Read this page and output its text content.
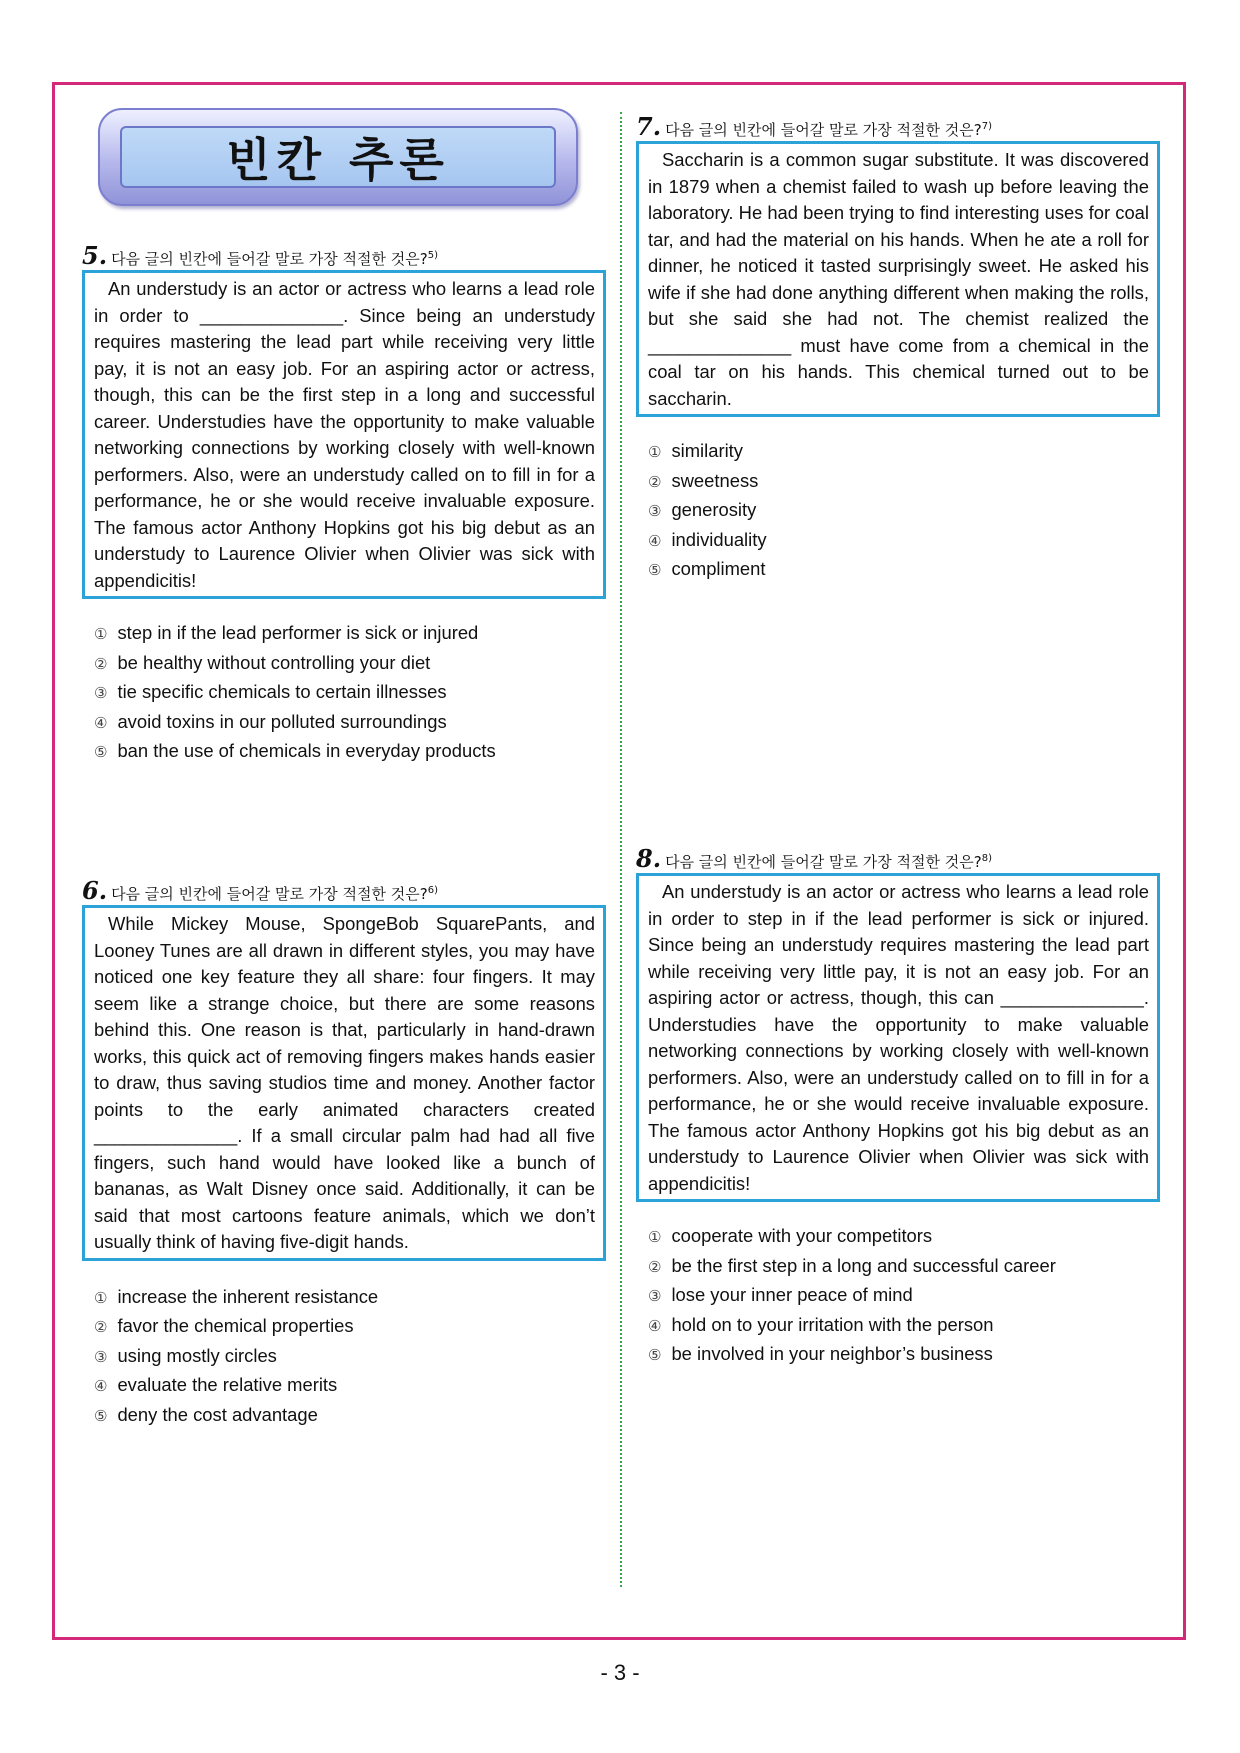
빈칸 추론
5. 다음 글의 빈칸에 들어갈 말로 가장 적절한 것은?$^{5)}$

An understudy is an actor or actress who learns a lead role in order to ______________. Since being an understudy requires mastering the lead part while receiving very little pay, it is not an easy job. For an aspiring actor or actress, though, this can be the first step in a long and successful career. Understudies have the opportunity to make valuable networking connections by working closely with well-known performers. Also, were an understudy called on to fill in for a performance, he or she would receive invaluable exposure. The famous actor Anthony Hopkins got his big debut as an understudy to Laurence Olivier when Olivier was sick with appendicitis!

① step in if the lead performer is sick or injured
② be healthy without controlling your diet
③ tie specific chemicals to certain illnesses
④ avoid toxins in our polluted surroundings
⑤ ban the use of chemicals in everyday products
6. 다음 글의 빈칸에 들어갈 말로 가장 적절한 것은?$^{6)}$

While Mickey Mouse, SpongeBob SquarePants, and Looney Tunes are all drawn in different styles, you may have noticed one key feature they all share: four fingers. It may seem like a strange choice, but there are some reasons behind this. One reason is that, particularly in hand-drawn works, this quick act of removing fingers makes hands easier to draw, thus saving studios time and money. Another factor points to the early animated characters created ______________. If a small circular palm had had all five fingers, such hand would have looked like a bunch of bananas, as Walt Disney once said. Additionally, it can be said that most cartoons feature animals, which we don’t usually think of having five-digit hands.

① increase the inherent resistance
② favor the chemical properties
③ using mostly circles
④ evaluate the relative merits
⑤ deny the cost advantage
7. 다음 글의 빈칸에 들어갈 말로 가장 적절한 것은?$^{7)}$

Saccharin is a common sugar substitute. It was discovered in 1879 when a chemist failed to wash up before leaving the laboratory. He had been trying to find interesting uses for coal tar, and had the material on his hands. When he ate a roll for dinner, he noticed it tasted surprisingly sweet. He asked his wife if she had done anything different when making the rolls, but she said she had not. The chemist realized the ______________ must have come from a chemical in the coal tar on his hands. This chemical turned out to be saccharin.

① similarity
② sweetness
③ generosity
④ individuality
⑤ compliment
8. 다음 글의 빈칸에 들어갈 말로 가장 적절한 것은?$^{8)}$

An understudy is an actor or actress who learns a lead role in order to step in if the lead performer is sick or injured. Since being an understudy requires mastering the lead part while receiving very little pay, it is not an easy job. For an aspiring actor or actress, though, this can ______________. Understudies have the opportunity to make valuable networking connections by working closely with well-known performers. Also, were an understudy called on to fill in for a performance, he or she would receive invaluable exposure. The famous actor Anthony Hopkins got his big debut as an understudy to Laurence Olivier when Olivier was sick with appendicitis!

① cooperate with your competitors
② be the first step in a long and successful career
③ lose your inner peace of mind
④ hold on to your irritation with the person
⑤ be involved in your neighbor’s business
- 3 -
